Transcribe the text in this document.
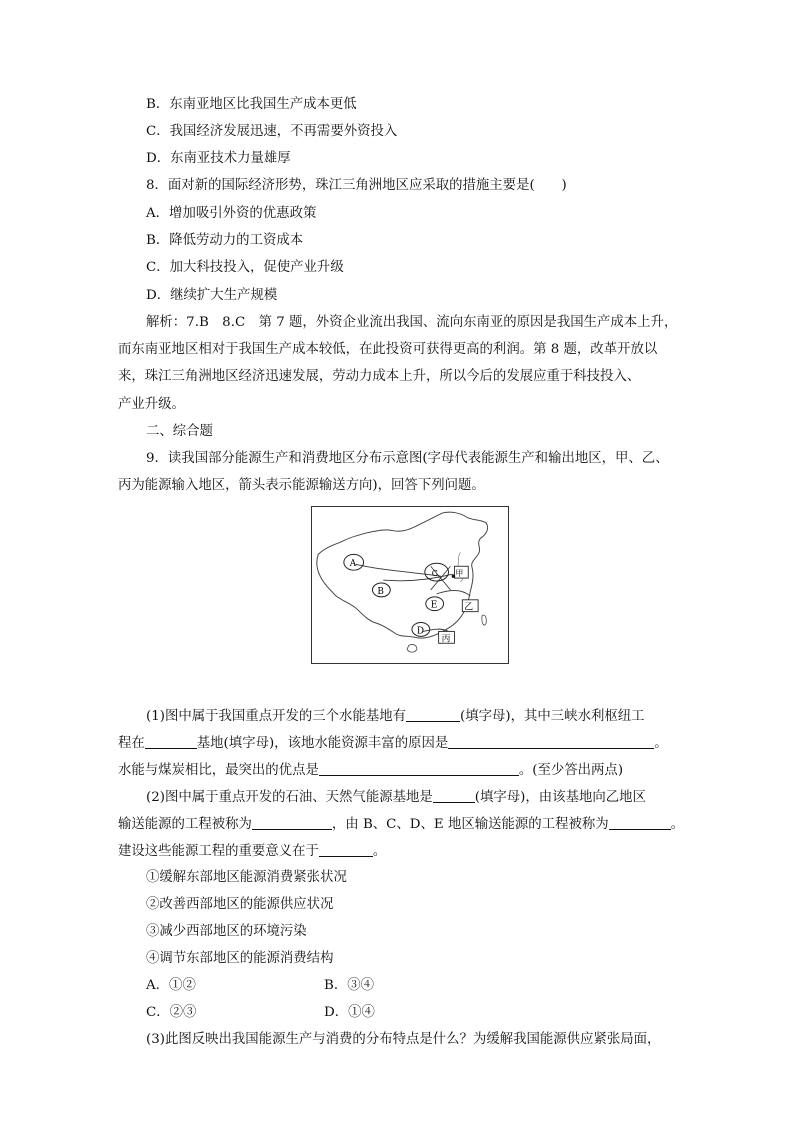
B．东南亚地区比我国生产成本更低
C．我国经济发展迅速，不再需要外资投入
D．东南亚技术力量雄厚
8．面对新的国际经济形势，珠江三角洲地区应采取的措施主要是(　　)
A．增加吸引外资的优惠政策
B．降低劳动力的工资成本
C．加大科技投入，促使产业升级
D．继续扩大生产规模
解析：7.B　8.C　第 7 题，外资企业流出我国、流向东南亚的原因是我国生产成本上升，
而东南亚地区相对于我国生产成本较低，在此投资可获得更高的利润。第 8 题，改革开放以
来，珠江三角洲地区经济迅速发展，劳动力成本上升，所以今后的发展应重于科技投入、
产业升级。
二、综合题
9．读我国部分能源生产和消费地区分布示意图(字母代表能源生产和输出地区，甲、乙、
丙为能源输入地区，箭头表示能源输送方向)，回答下列问题。
A
B
C
D
E
甲
乙
丙
(1)图中属于我国重点开发的三个水能基地有	(填字母)，其中三峡水利枢纽工
程在	基地(填字母)，该地水能资源丰富的原因是	。
水能与煤炭相比，最突出的优点是	。(至少答出两点)
(2)图中属于重点开发的石油、天然气能源基地是	(填字母)，由该基地向乙地区
输送能源的工程被称为	，由 B、C、D、E 地区输送能源的工程被称为	。
建设这些能源工程的重要意义在于	。
①缓解东部地区能源消费紧张状况
②改善西部地区的能源供应状况
③减少西部地区的环境污染
④调节东部地区的能源消费结构
A．①②	B．③④
C．②③	D．①④
(3)此图反映出我国能源生产与消费的分布特点是什么？为缓解我国能源供应紧张局面，
